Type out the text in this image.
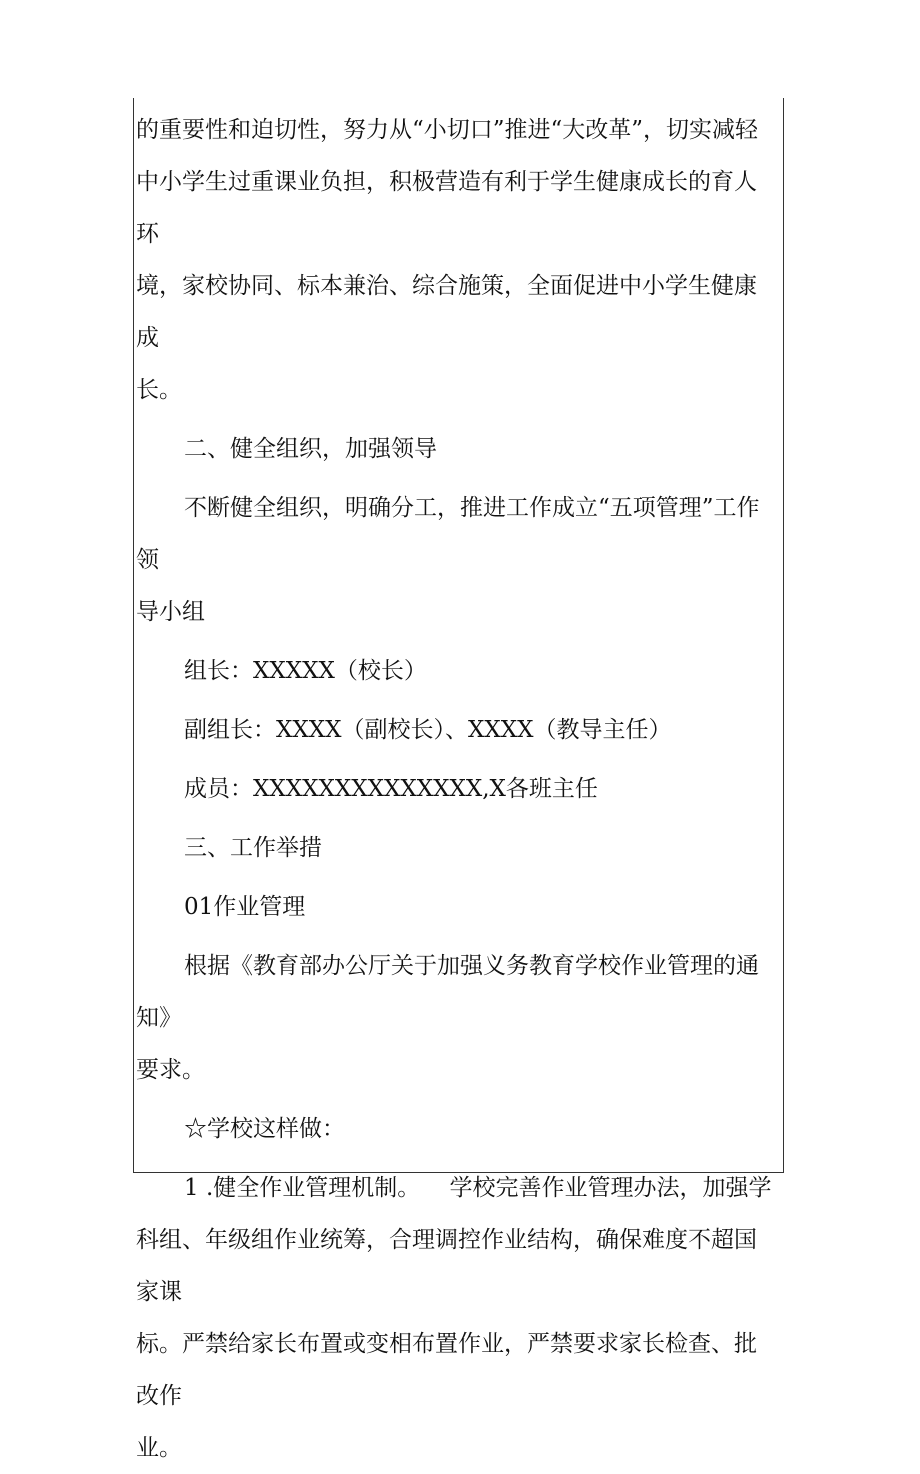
的重要性和迫切性，努力从“小切口”推进“大改革”，切实减轻

中小学生过重课业负担，积极营造有利于学生健康成长的育人环

境，家校协同、标本兼治、综合施策，全面促进中小学生健康成

长。

二、健全组织，加强领导

不断健全组织，明确分工，推进工作成立“五项管理”工作领

导小组

组长：XXXXX（校长）

副组长：XXXX（副校长）、XXXX（教导主任）

成员：XXXXXXXXXXXXXX,X各班主任

三、工作举措

01作业管理

根据《教育部办公厅关于加强义务教育学校作业管理的通知》

要求。

☆学校这样做：

1 .健全作业管理机制。    学校完善作业管理办法，加强学

科组、年级组作业统筹，合理调控作业结构，确保难度不超国家课

标。严禁给家长布置或变相布置作业，严禁要求家长检查、批改作

业。
